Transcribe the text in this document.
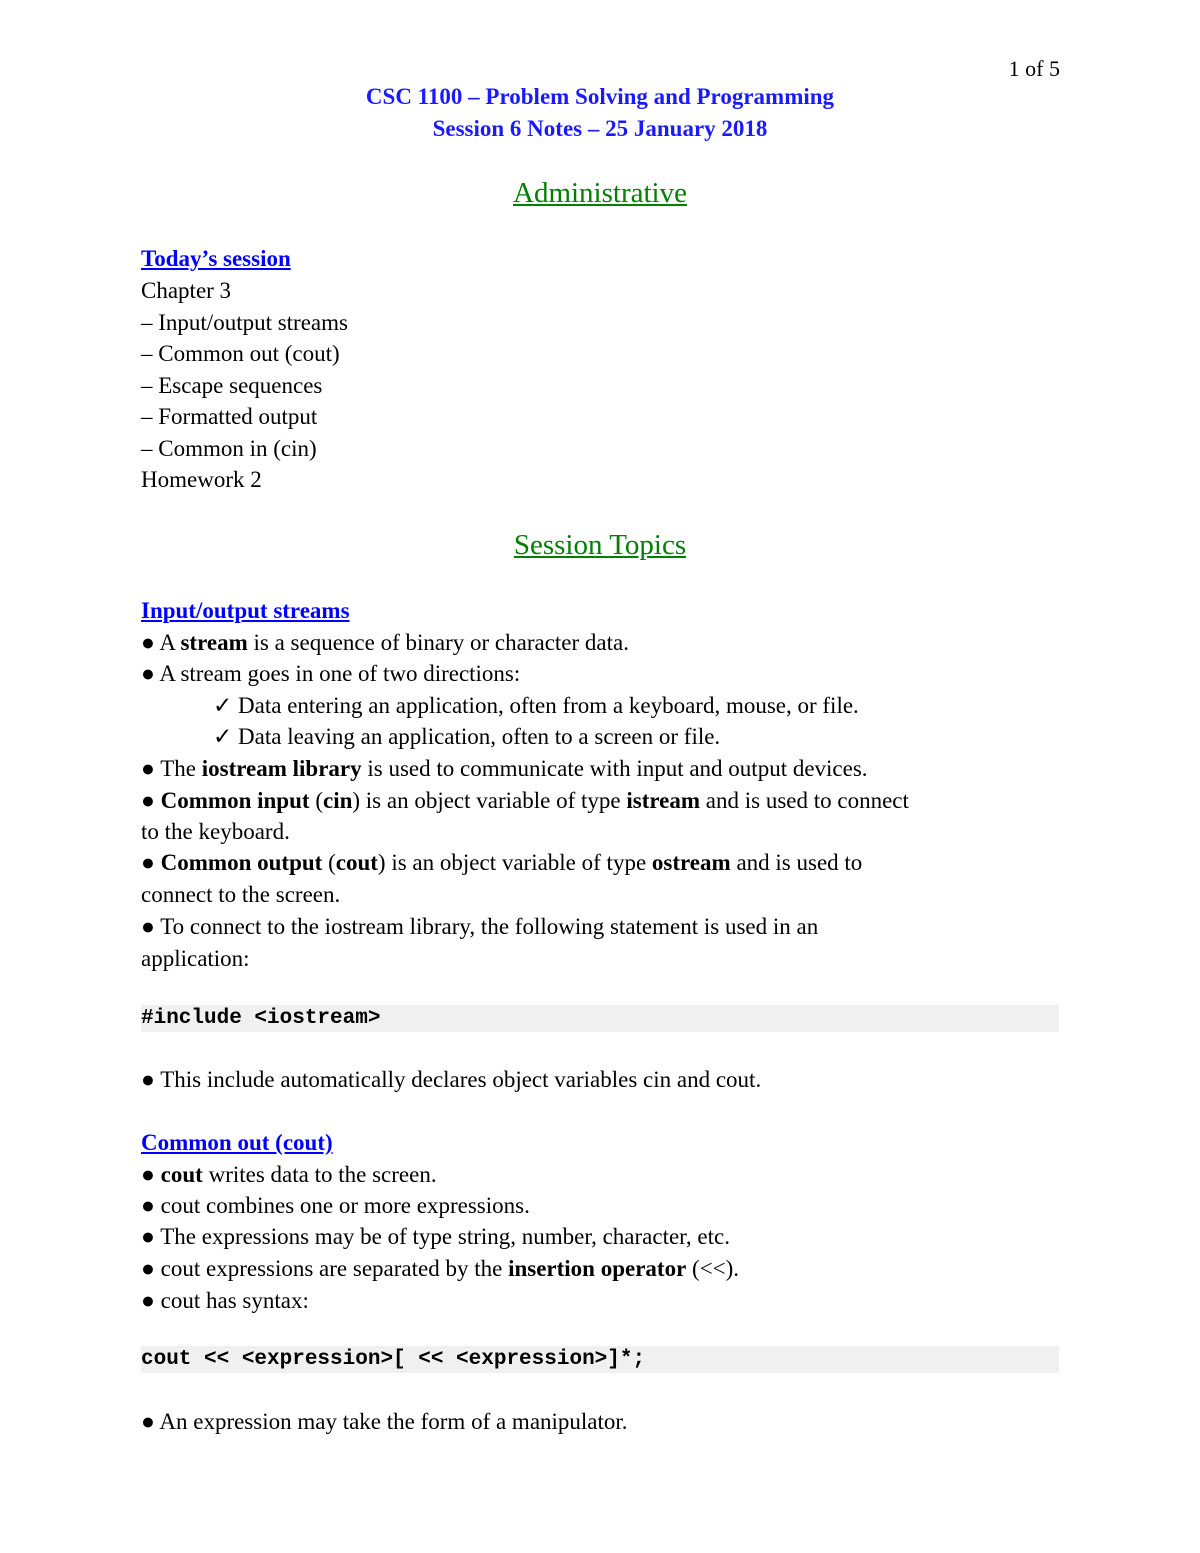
1 of 5
CSC 1100 – Problem Solving and Programming
Session 6 Notes – 25 January 2018
Administrative
Today’s session
Chapter 3
– Input/output streams
– Common out (cout)
– Escape sequences
– Formatted output
– Common in (cin)
Homework 2
Session Topics
Input/output streams
● A stream is a sequence of binary or character data.
● A stream goes in one of two directions:
✓ Data entering an application, often from a keyboard, mouse, or file.
✓ Data leaving an application, often to a screen or file.
● The iostream library is used to communicate with input and output devices.
● Common input (cin) is an object variable of type istream and is used to connect
to the keyboard.
● Common output (cout) is an object variable of type ostream and is used to
connect to the screen.
● To connect to the iostream library, the following statement is used in an
application:
#include <iostream>
● This include automatically declares object variables cin and cout.
Common out (cout)
● cout writes data to the screen.
● cout combines one or more expressions.
● The expressions may be of type string, number, character, etc.
● cout expressions are separated by the insertion operator (<<).
● cout has syntax:
cout << <expression>[ << <expression>]*;
● An expression may take the form of a manipulator.
